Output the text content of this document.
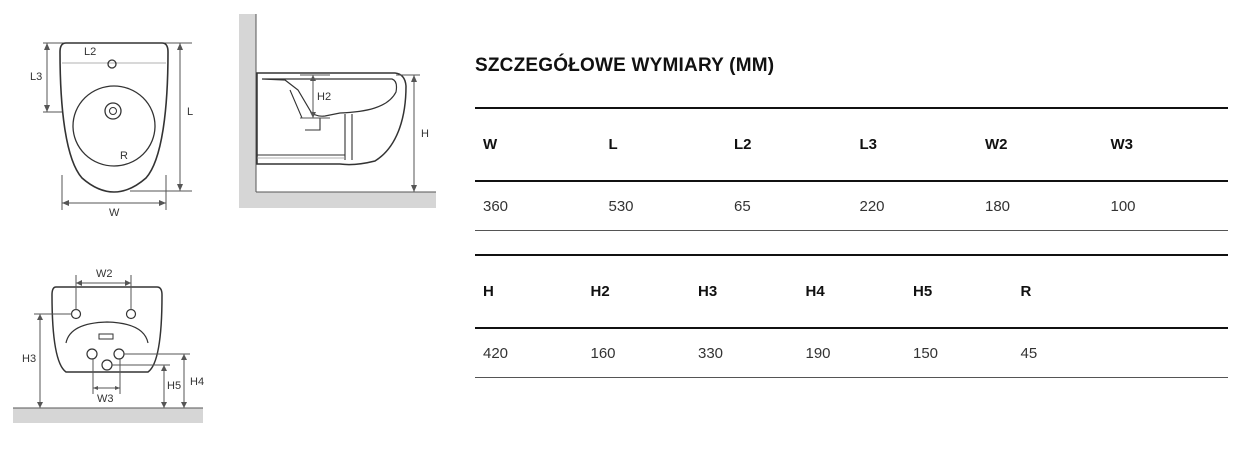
L2
L3
L
R
W
H2
H
W2
H3
H5 H4
W3
SZCZEGÓŁOWE WYMIARY (MM)
W	L	L2	L3	W2	W3
360	530	65	220	180	100
H	H2	H3	H4	H5	R	
420	160	330	190	150	45	
